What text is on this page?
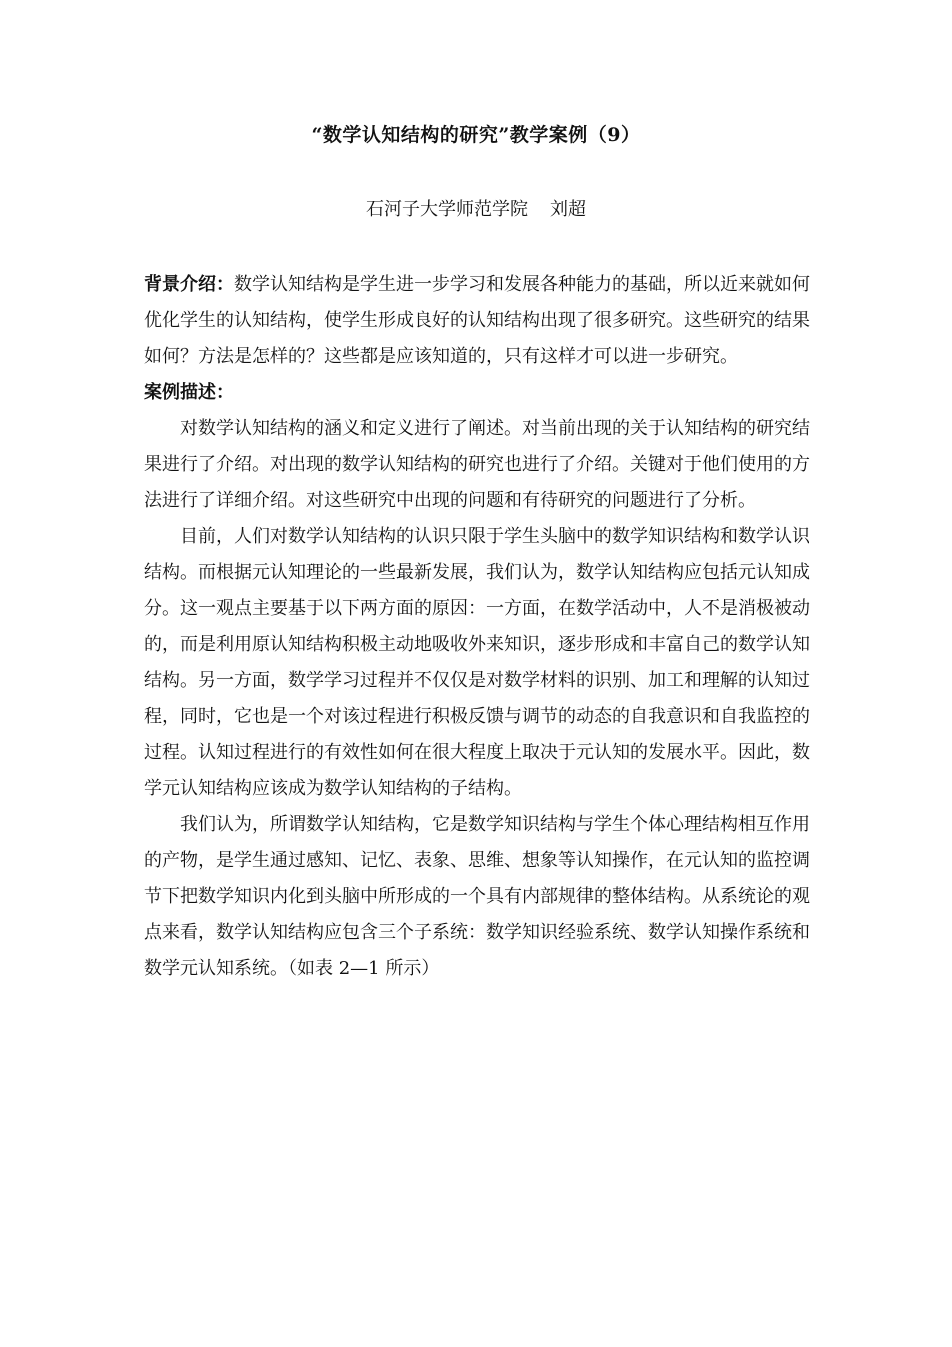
“数学认知结构的研究”教学案例（9）
石河子大学师范学院 刘超

背景介绍：数学认知结构是学生进一步学习和发展各种能力的基础，所以近来就如何优化学生的认知结构，使学生形成良好的认知结构出现了很多研究。这些研究的结果如何？方法是怎样的？这些都是应该知道的，只有这样才可以进一步研究。

案例描述：

对数学认知结构的涵义和定义进行了阐述。对当前出现的关于认知结构的研究结果进行了介绍。对出现的数学认知结构的研究也进行了介绍。关键对于他们使用的方法进行了详细介绍。对这些研究中出现的问题和有待研究的问题进行了分析。

目前，人们对数学认知结构的认识只限于学生头脑中的数学知识结构和数学认识结构。而根据元认知理论的一些最新发展，我们认为，数学认知结构应包括元认知成分。这一观点主要基于以下两方面的原因：一方面，在数学活动中，人不是消极被动的，而是利用原认知结构积极主动地吸收外来知识，逐步形成和丰富自己的数学认知结构。另一方面，数学学习过程并不仅仅是对数学材料的识别、加工和理解的认知过程，同时，它也是一个对该过程进行积极反馈与调节的动态的自我意识和自我监控的过程。认知过程进行的有效性如何在很大程度上取决于元认知的发展水平。因此，数学元认知结构应该成为数学认知结构的子结构。

我们认为，所谓数学认知结构，它是数学知识结构与学生个体心理结构相互作用的产物，是学生通过感知、记忆、表象、思维、想象等认知操作，在元认知的监控调节下把数学知识内化到头脑中所形成的一个具有内部规律的整体结构。从系统论的观点来看，数学认知结构应包含三个子系统：数学知识经验系统、数学认知操作系统和数学元认知系统。（如表 2—1 所示）
